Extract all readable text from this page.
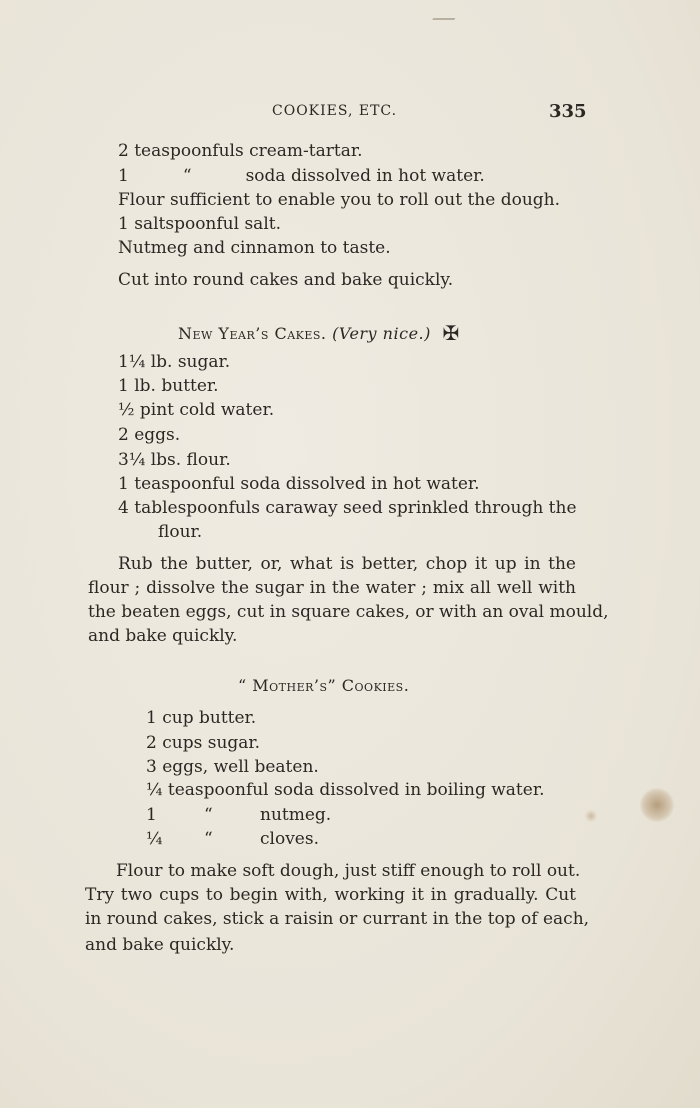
COOKIES, ETC.	335
2 teaspoonfuls cream-tartar.
1          “          soda dissolved in hot water.
Flour sufficient to enable you to roll out the dough.
1 saltspoonful salt.
Nutmeg and cinnamon to taste.
Cut into round cakes and bake quickly.
New Year’s Cakes. (Very nice.) ✠
1¼ lb. sugar.
1 lb. butter.
½ pint cold water.
2 eggs.
3¼ lbs. flour.
1 teaspoonful soda dissolved in hot water.
4 tablespoonfuls caraway seed sprinkled through the
flour.
Rub the butter, or, what is better, chop it up in the
flour ; dissolve the sugar in the water ; mix all well with
the beaten eggs, cut in square cakes, or with an oval mould,
and bake quickly.
“ Mother’s” Cookies.
1 cup butter.
2 cups sugar.
3 eggs, well beaten.
¼ teaspoonful soda dissolved in boiling water.
1	“	nutmeg.
¼ “	cloves.
Flour to make soft dough, just stiff enough to roll out.
Try two cups to begin with, working it in gradually. Cut
in round cakes, stick a raisin or currant in the top of each,
and bake quickly.
